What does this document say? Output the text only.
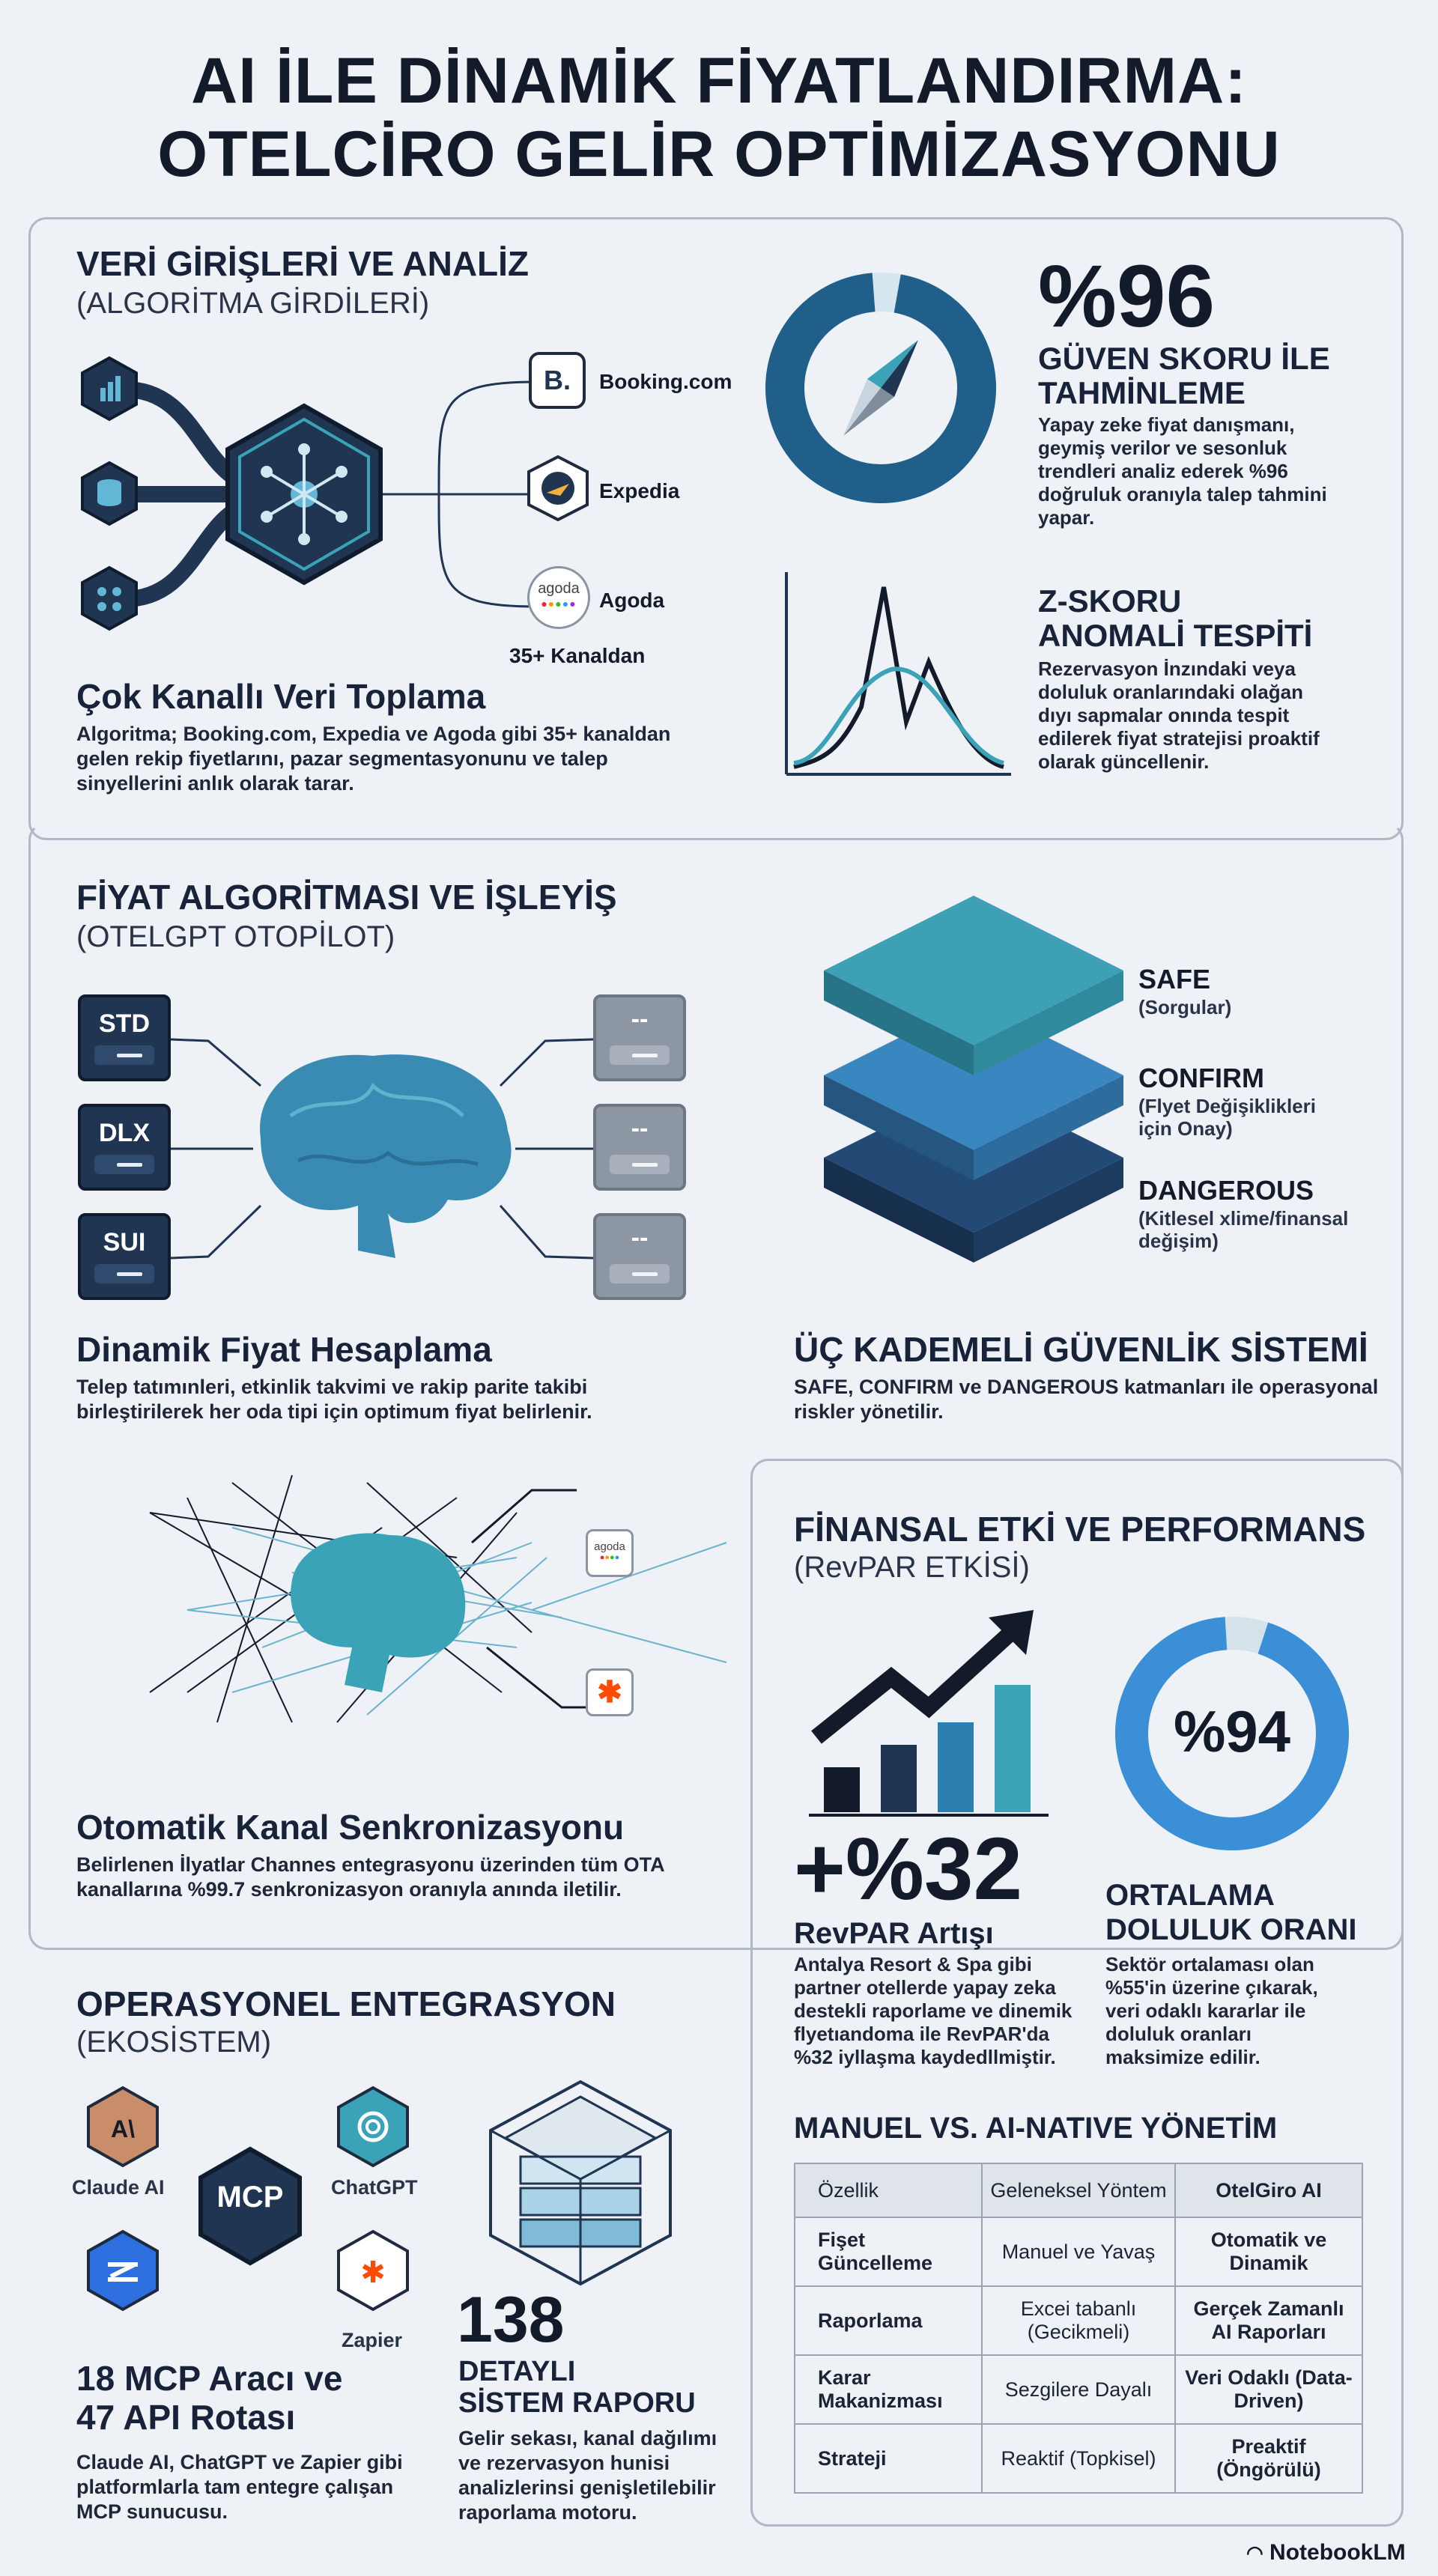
AI İLE DİNAMİK FİYATLANDIRMA:
OTELCİRO GELİR OPTİMİZASYONU
VERİ GİRİŞLERİ VE ANALİZ
(ALGORİTMA GİRDİLERİ)
B.	Booking.com
Expedia
agoda
●●●●●	Agoda
35+ Kanaldan
Çok Kanallı Veri Toplama
Algoritma; Booking.com, Expedia ve Agoda gibi 35+ kanaldan
gelen rekip fiyetlarını, pazar segmentasyonunu ve talep
sinyellerini anlık olarak tarar.
%96
GÜVEN SKORU İLE
TAHMİNLEME
Yapay zeke fiyat danışmanı,
geymiş verilor ve sesonluk
trendleri analiz ederek %96
doğruluk oranıyla talep tahmini
yapar.
Z-SKORU
ANOMALİ TESPİTİ
Rezervasyon İnzındaki veya
doluluk oranlarındaki olağan
dıyı sapmalar onında tespit
edilerek fiyat stratejisi proaktif
olarak güncellenir.
FİYAT ALGORİTMASI VE İŞLEYİŞ
(OTELGPT OTOPİLOT)
STD
DLX
SUI
--
--
--
Dinamik Fiyat Hesaplama
Telep tatımınleri, etkinlik takvimi ve rakip parite takibi
birleştirilerek her oda tipi için optimum fiyat belirlenir.
SAFE
(Sorgular)
CONFIRM
(Flyet Değişiklikleri
için Onay)
DANGEROUS
(Kitlesel xlime/finansal
değişim)
ÜÇ KADEMELİ GÜVENLİK SİSTEMİ
SAFE, CONFIRM ve DANGEROUS katmanları ile operasyonal
riskler yönetilir.
agoda
●●●●
✱
Otomatik Kanal Senkronizasyonu
Belirlenen İlyatlar Channes entegrasyonu üzerinden tüm OTA
kanallarına %99.7 senkronizasyon oranıyla anında iletilir.
FİNANSAL ETKİ VE PERFORMANS
(RevPAR ETKİSİ)
%94
+%32
RevPAR Artışı
Antalya Resort & Spa gibi
partner otellerde yapay zeka
destekli raporlame ve dinemik
flyetıandoma ile RevPAR'da
%32 iyllaşma kaydedllmiştir.
ORTALAMA
DOLULUK ORANI
Sektör ortalaması olan
%55'in üzerine çıkarak,
veri odaklı kararlar ile
doluluk oranları
maksimize edilir.
MANUEL VS. AI-NATIVE YÖNETİM
Özellik	Geleneksel Yöntem	OtelGiro AI
Fişet Güncelleme	Manuel ve Yavaş	Otomatik ve Dinamik
Raporlama	Excei tabanlı (Gecikmeli)	Gerçek Zamanlı AI Raporları
Karar Makanizması	Sezgilere Dayalı	Veri Odaklı (Data-Driven)
Strateji	Reaktif (Topkisel)	Preaktif (Öngörülü)
OPERASYONEL ENTEGRASYON
(EKOSİSTEM)
A\
✱
MCP
Claude AI	ChatGPT
Zapier
18 MCP Aracı ve
47 API Rotası
Claude AI, ChatGPT ve Zapier gibi
platformlarla tam entegre çalışan
MCP sunucusu.
138
DETAYLI
SİSTEM RAPORU
Gelir sekası, kanal dağılımı
ve rezervasyon hunisi
analizlerinsi genişletilebilir
raporlama motoru.
◠ NotebookLM
